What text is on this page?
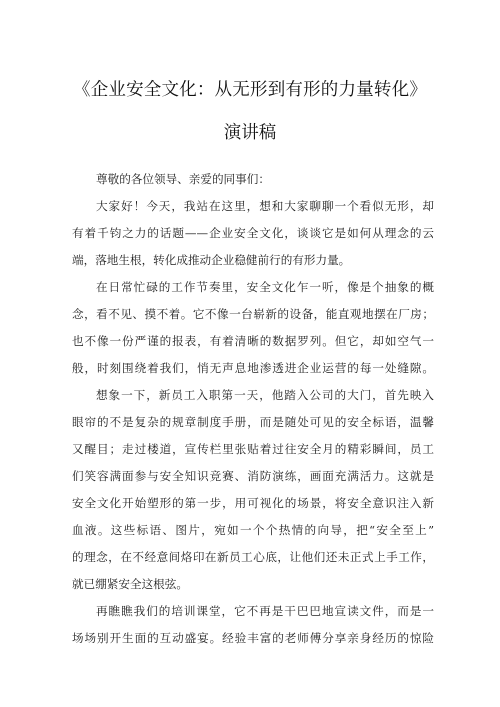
《企业安全文化：从无形到有形的力量转化》
演讲稿
尊敬的各位领导、亲爱的同事们：

大家好！今天，我站在这里，想和大家聊聊一个看似无形，却
有着千钧之力的话题——企业安全文化，谈谈它是如何从理念的云
端，落地生根，转化成推动企业稳健前行的有形力量。

在日常忙碌的工作节奏里，安全文化乍一听，像是个抽象的概
念，看不见、摸不着。它不像一台崭新的设备，能直观地摆在厂房；
也不像一份严谨的报表，有着清晰的数据罗列。但它，却如空气一
般，时刻围绕着我们，悄无声息地渗透进企业运营的每一处缝隙。

想象一下，新员工入职第一天，他踏入公司的大门，首先映入
眼帘的不是复杂的规章制度手册，而是随处可见的安全标语，温馨
又醒目；走过楼道，宣传栏里张贴着过往安全月的精彩瞬间，员工
们笑容满面参与安全知识竞赛、消防演练，画面充满活力。这就是
安全文化开始塑形的第一步，用可视化的场景，将安全意识注入新
血液。这些标语、图片，宛如一个个热情的向导，把“安全至上”
的理念，在不经意间烙印在新员工心底，让他们还未正式上手工作，
就已绷紧安全这根弦。

再瞧瞧我们的培训课堂，它不再是干巴巴地宣读文件，而是一
场场别开生面的互动盛宴。经验丰富的老师傅分享亲身经历的惊险
